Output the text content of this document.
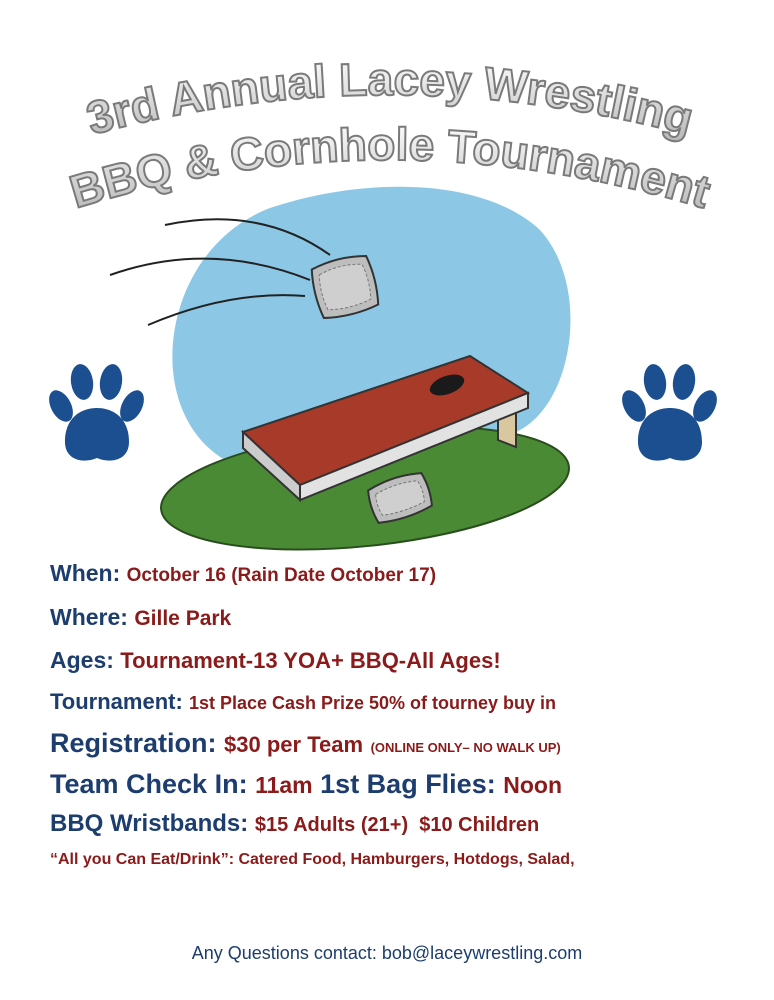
3rd Annual Lacey Wrestling
BBQ & Cornhole Tournament
When: October 16 (Rain Date October 17)
Where: Gille Park
Ages: Tournament-13 YOA+ BBQ-All Ages!
Tournament: 1st Place Cash Prize 50% of tourney buy in
Registration: $30 per Team (ONLINE ONLY– NO WALK UP)
Team Check In: 11am 1st Bag Flies: Noon
BBQ Wristbands: $15 Adults (21+)  $10 Children
“All you Can Eat/Drink”: Catered Food, Hamburgers, Hotdogs, Salad,
Any Questions contact: bob@laceywrestling.com
